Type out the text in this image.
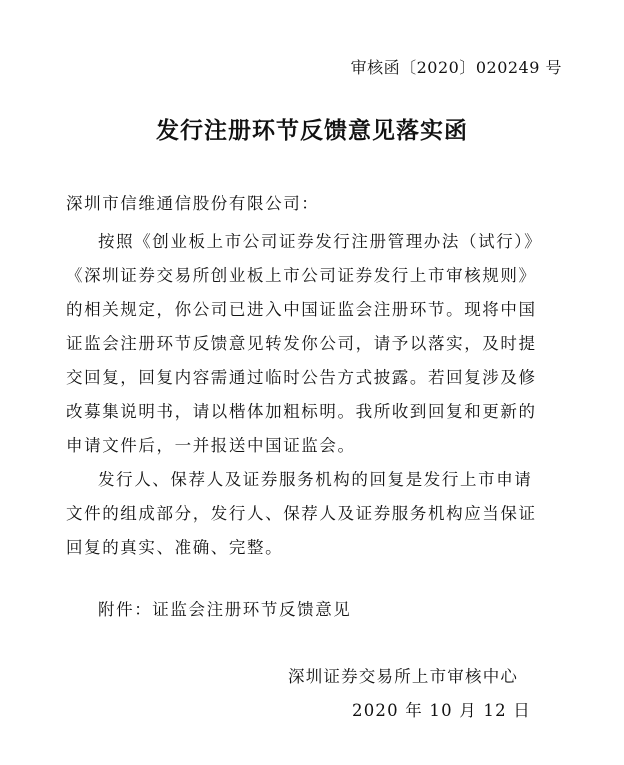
审核函〔2020〕020249 号
发行注册环节反馈意见落实函
深圳市信维通信股份有限公司：
按照《创业板上市公司证券发行注册管理办法（试行）》
《深圳证券交易所创业板上市公司证券发行上市审核规则》
的相关规定，你公司已进入中国证监会注册环节。现将中国
证监会注册环节反馈意见转发你公司，请予以落实，及时提
交回复，回复内容需通过临时公告方式披露。若回复涉及修
改募集说明书，请以楷体加粗标明。我所收到回复和更新的
申请文件后，一并报送中国证监会。
发行人、保荐人及证券服务机构的回复是发行上市申请
文件的组成部分，发行人、保荐人及证券服务机构应当保证
回复的真实、准确、完整。
附件：证监会注册环节反馈意见
深圳证券交易所上市审核中心
2020 年 10 月 12 日
